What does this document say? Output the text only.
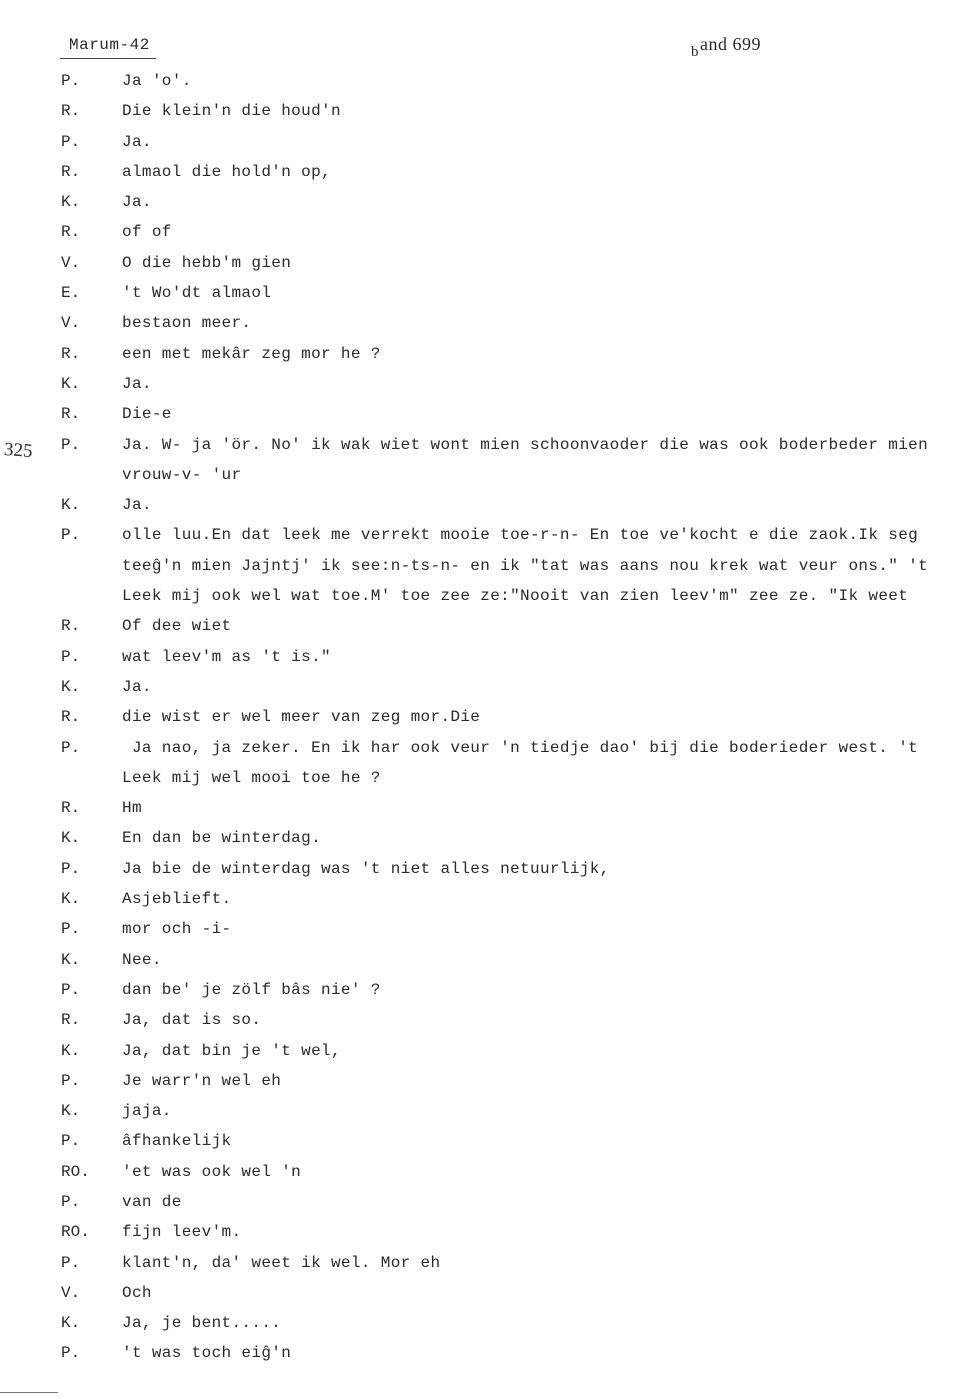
Marum-42	$_b$and 699
325
P.	Ja 'o'.
R.	Die klein'n die houd'n
P.	Ja.
R.	almaol die hold'n op,
K.	Ja.
R.	of of
V.	O die hebb'm gien
E.	't Wo'dt almaol
V.	bestaon meer.
R.	een met mekâr zeg mor he ?
K.	Ja.
R.	Die-e
P.	Ja. W- ja 'ör. No' ik wak wiet wont mien schoonvaoder die was ook boderbeder mien vrouw-v- 'ur
K.	Ja.
P.	olle luu.En dat leek me verrekt mooie toe-r-n- En toe ve'kocht e die zaok.Ik seg teeĝ'n mien Jajntj' ik see:n-ts-n- en ik "tat was aans nou krek wat veur ons." 't Leek mij ook wel wat toe.M' toe zee ze:"Nooit van zien leev'm" zee ze. "Ik weet
R.	Of dee wiet
P.	wat leev'm as 't is."
K.	Ja.
R.	die wist er wel meer van zeg mor.Die
P.	Ja nao, ja zeker. En ik har ook veur 'n tiedje dao' bij die boderieder west. 't Leek mij wel mooi toe he ?
R.	Hm
K.	En dan be winterdag.
P.	Ja bie de winterdag was 't niet alles netuurlijk,
K.	Asjeblieft.
P.	mor och -i-
K.	Nee.
P.	dan be' je zölf bâs nie' ?
R.	Ja, dat is so.
K.	Ja, dat bin je 't wel,
P.	Je warr'n wel eh
K.	jaja.
P.	âfhankelijk
RO.	'et was ook wel 'n
P.	van de
RO.	fijn leev'm.
P.	klant'n, da' weet ik wel. Mor eh
V.	Och
K.	Ja, je bent.....
P.	't was toch eiĝ'n
